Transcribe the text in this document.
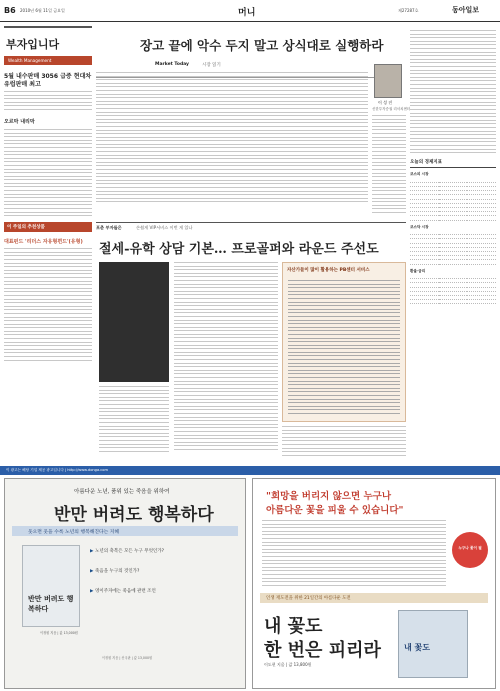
B6 2010년 6월 11일 금요일	머니	제27287호	동아일보
부자입니다
Wealth Management
5월 내수판매 3056 급증 현대차 유럽판매 최고
오르막 내리막
이 주일의 추천상품
대표펀드 '리더스 자유형편드'(유형)
장고 끝에 악수 두지 말고 상식대로 실행하라
Market Today	시장 읽기
이 성 진
신한투자증권 리서치센터
오늘의 경제지표
코스피 시장

코스닥 시장

환율·금리

포춘 부자들은	손쉽게 VIP서비스 이번 게 있나
절세-유학 상담 기본… 프로골퍼와 라운드 주선도
자산가들이 많이 활용하는 PB센터 서비스
이 광고는 해당 기업 제공 광고입니다 | http://www.donga.com
아름다운 노년, 품위 있는 죽음을 위하여
반만 버려도 행복하다
웃으면 웃을 수록 노년의 행복해진다는 지혜
반만 버려도 행복하다
이정원 지음 | 값 13,000원
▶ 노년의 축복은 모든 누구 무엇인가?
▶ 죽음을 누구의 것인가?
▶ 영이주자에는 죽음에 관련 조언
이정원 지음 | 신국판 | 값 13,000원
"희망을 버리지 않으면 누구나
아름다운 꽃을 피울 수 있습니다"
누구나 꽃이 필
인생 재도전을 위한 21일간의 아름다운 도전
내 꽃도
한 번은 피리라
이도현 지음 | 값 13,800원
내 꽃도
